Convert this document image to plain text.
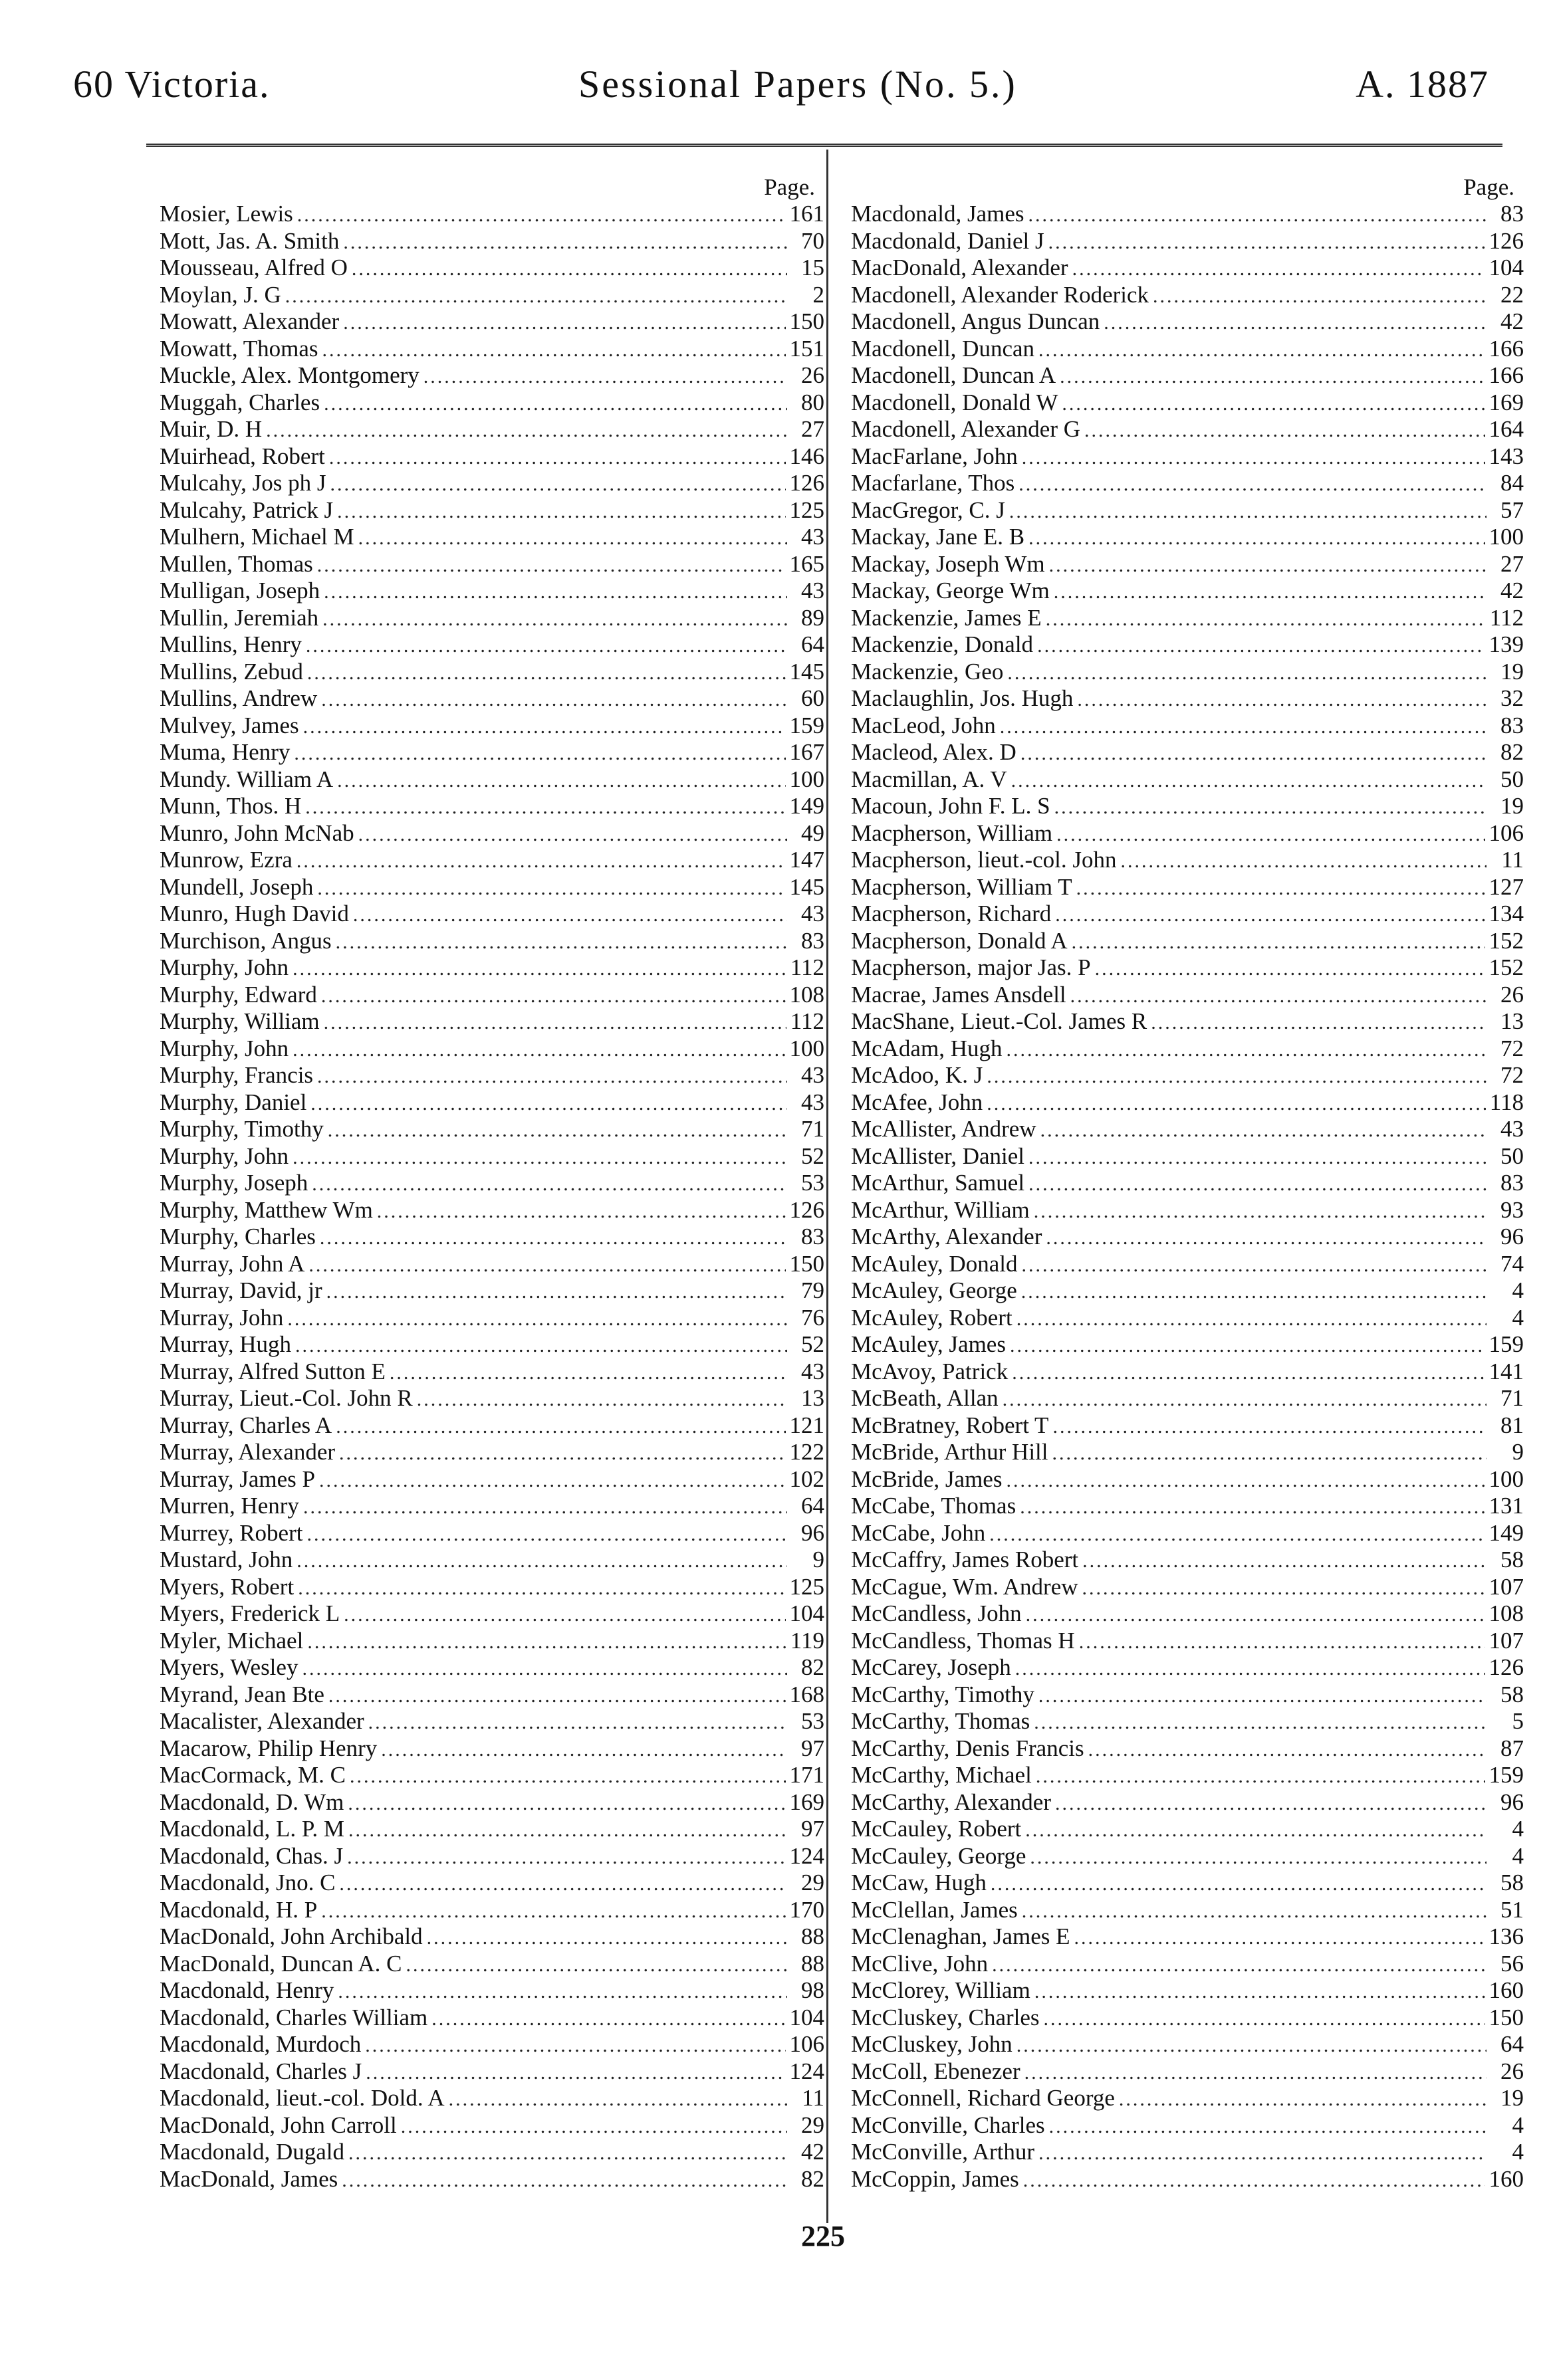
60 Victoria.	Sessional Papers (No. 5.)	A. 1887
Page.
Mosier, Lewis .....	161
Mott, Jas. A. Smith .....	70
Mousseau, Alfred O .....	15
Moylan, J. G .....	2
Mowatt, Alexander .....	150
Mowatt, Thomas .....	151
Muckle, Alex. Montgomery .....	26
Muggah, Charles .....	80
Muir, D. H .....	27
Muirhead, Robert .....	146
Mulcahy, Jos ph J .....	126
Mulcahy, Patrick J .....	125
Mulhern, Michael M .....	43
Mullen, Thomas .....	165
Mulligan, Joseph .....	43
Mullin, Jeremiah .....	89
Mullins, Henry .....	64
Mullins, Zebud .....	145
Mullins, Andrew .....	60
Mulvey, James .....	159
Muma, Henry .....	167
Mundy. William A .....	100
Munn, Thos. H .....	149
Munro, John McNab .....	49
Munrow, Ezra .....	147
Mundell, Joseph .....	145
Munro, Hugh David .....	43
Murchison, Angus .....	83
Murphy, John .....	112
Murphy, Edward .....	108
Murphy, William .....	112
Murphy, John .....	100
Murphy, Francis .....	43
Murphy, Daniel .....	43
Murphy, Timothy .....	71
Murphy, John .....	52
Murphy, Joseph .....	53
Murphy, Matthew Wm .....	126
Murphy, Charles .....	83
Murray, John A .....	150
Murray, David, jr .....	79
Murray, John .....	76
Murray, Hugh .....	52
Murray, Alfred Sutton E .....	43
Murray, Lieut.-Col. John R .....	13
Murray, Charles A .....	121
Murray, Alexander .....	122
Murray, James P .....	102
Murren, Henry .....	64
Murrey, Robert .....	96
Mustard, John .....	9
Myers, Robert .....	125
Myers, Frederick L .....	104
Myler, Michael .....	119
Myers, Wesley .....	82
Myrand, Jean Bte .....	168
Macalister, Alexander .....	53
Macarow, Philip Henry .....	97
MacCormack, M. C .....	171
Macdonald, D. Wm .....	169
Macdonald, L. P. M .....	97
Macdonald, Chas. J .....	124
Macdonald, Jno. C .....	29
Macdonald, H. P .....	170
MacDonald, John Archibald .....	88
MacDonald, Duncan A. C .....	88
Macdonald, Henry .....	98
Macdonald, Charles William .....	104
Macdonald, Murdoch .....	106
Macdonald, Charles J .....	124
Macdonald, lieut.-col. Dold. A .....	11
MacDonald, John Carroll .....	29
Macdonald, Dugald .....	42
MacDonald, James .....	82
Page.
Macdonald, James .....	83
Macdonald, Daniel J .....	126
MacDonald, Alexander .....	104
Macdonell, Alexander Roderick .....	22
Macdonell, Angus Duncan .....	42
Macdonell, Duncan .....	166
Macdonell, Duncan A .....	166
Macdonell, Donald W .....	169
Macdonell, Alexander G .....	164
MacFarlane, John .....	143
Macfarlane, Thos .....	84
MacGregor, C. J .....	57
Mackay, Jane E. B .....	100
Mackay, Joseph Wm .....	27
Mackay, George Wm .....	42
Mackenzie, James E .....	112
Mackenzie, Donald .....	139
Mackenzie, Geo .....	19
Maclaughlin, Jos. Hugh .....	32
MacLeod, John .....	83
Macleod, Alex. D .....	82
Macmillan, A. V .....	50
Macoun, John F. L. S .....	19
Macpherson, William .....	106
Macpherson, lieut.-col. John .....	11
Macpherson, William T .....	127
Macpherson, Richard .....	134
Macpherson, Donald A .....	152
Macpherson, major Jas. P .....	152
Macrae, James Ansdell .....	26
MacShane, Lieut.-Col. James R .....	13
McAdam, Hugh .....	72
McAdoo, K. J .....	72
McAfee, John .....	118
McAllister, Andrew .....	43
McAllister, Daniel .....	50
McArthur, Samuel .....	83
McArthur, William .....	93
McArthy, Alexander .....	96
McAuley, Donald .....	74
McAuley, George .....	4
McAuley, Robert .....	4
McAuley, James .....	159
McAvoy, Patrick .....	141
McBeath, Allan .....	71
McBratney, Robert T .....	81
McBride, Arthur Hill .....	9
McBride, James .....	100
McCabe, Thomas .....	131
McCabe, John .....	149
McCaffry, James Robert .....	58
McCague, Wm. Andrew .....	107
McCandless, John .....	108
McCandless, Thomas H .....	107
McCarey, Joseph .....	126
McCarthy, Timothy .....	58
McCarthy, Thomas .....	5
McCarthy, Denis Francis .....	87
McCarthy, Michael .....	159
McCarthy, Alexander .....	96
McCauley, Robert .....	4
McCauley, George .....	4
McCaw, Hugh .....	58
McClellan, James .....	51
McClenaghan, James E .....	136
McClive, John .....	56
McClorey, William .....	160
McCluskey, Charles .....	150
McCluskey, John .....	64
McColl, Ebenezer .....	26
McConnell, Richard George .....	19
McConville, Charles .....	4
McConville, Arthur .....	4
McCoppin, James .....	160
225
